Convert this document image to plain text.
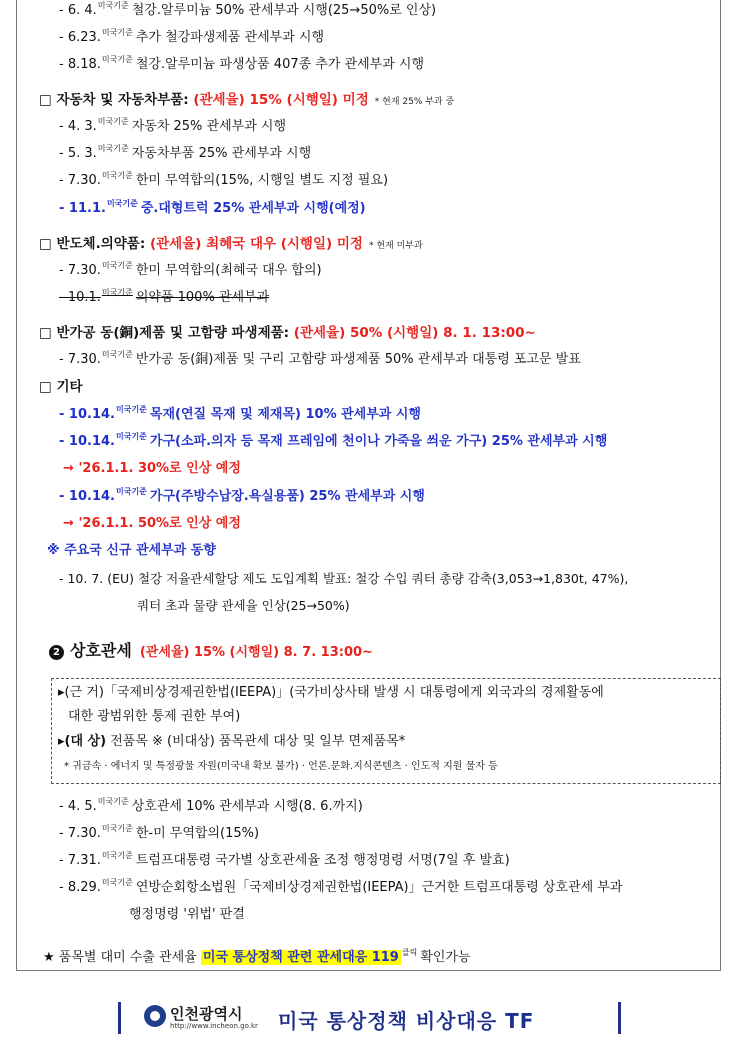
- 6. 4.$^{미국기준}$ 철강.알루미늄 50% 관세부과 시행(25→50%로 인상)
- 6.23.$^{미국기준}$ 추가 철강파생제품 관세부과 시행
- 8.18.$^{미국기준}$ 철강.알루미늄 파생상품 407종 추가 관세부과 시행
□ 자동차 및 자동차부품: (관세율) 15% (시행일) 미정 * 현재 25% 부과 중
- 4. 3.$^{미국기준}$ 자동차 25% 관세부과 시행
- 5. 3.$^{미국기준}$ 자동차부품 25% 관세부과 시행
- 7.30.$^{미국기준}$ 한미 무역합의(15%, 시행일 별도 지정 필요)
- 11.1.$^{미국기준}$ 중.대형트럭 25% 관세부과 시행(예정)
□ 반도체.의약품: (관세율) 최혜국 대우 (시행일) 미정 * 현재 미부과
- 7.30.$^{미국기준}$ 한미 무역합의(최혜국 대우 합의)
- 10.1.$^{미국기준}$ 의약품 100% 관세부과
□ 반가공 동(銅)제품 및 고함량 파생제품: (관세율) 50% (시행일) 8. 1. 13:00~
- 7.30.$^{미국기준}$ 반가공 동(銅)제품 및 구리 고함량 파생제품 50% 관세부과 대통령 포고문 발표
□ 기타
- 10.14.$^{미국기준}$ 목재(연질 목재 및 제재목) 10% 관세부과 시행
- 10.14.$^{미국기준}$ 가구(소파.의자 등 목재 프레임에 천이나 가죽을 씌운 가구) 25% 관세부과 시행
→ '26.1.1. 30%로 인상 예정
- 10.14.$^{미국기준}$ 가구(주방수납장.욕실용품) 25% 관세부과 시행
→ '26.1.1. 50%로 인상 예정
※ 주요국 신규 관세부과 동향
- 10. 7. (EU) 철강 저율관세할당 제도 도입계획 발표: 철강 수입 쿼터 총량 감축(3,053→1,830t, 47%),
쿼터 초과 물량 관세율 인상(25→50%)
2 상호관세 (관세율) 15% (시행일) 8. 7. 13:00~
▸(근 거)「국제비상경제권한법(IEEPA)」(국가비상사태 발생 시 대통령에게 외국과의 경제활동에
대한 광범위한 통제 권한 부여)
▸(대 상) 전품목 ※ (비대상) 품목관세 대상 및 일부 면제품목*
* 귀금속 · 에너지 및 특정광물 자원(미국내 확보 불가) · 언론.문화.지식콘텐츠 · 인도적 지원 물자 등
- 4. 5.$^{미국기준}$ 상호관세 10% 관세부과 시행(8. 6.까지)
- 7.30.$^{미국기준}$ 한-미 무역합의(15%)
- 7.31.$^{미국기준}$ 트럼프대통령 국가별 상호관세율 조정 행정명령 서명(7일 후 발효)
- 8.29.$^{미국기준}$ 연방순회항소법원「국제비상경제권한법(IEEPA)」근거한 트럼프대통령 상호관세 부과
행정명령 '위법' 판결
★ 품목별 대미 수출 관세율 미국 통상정책 관련 관세대응 119 $^{클릭}$ 확인가능
인천광역시
http://www.incheon.go.kr 미국 통상정책 비상대응 TF
